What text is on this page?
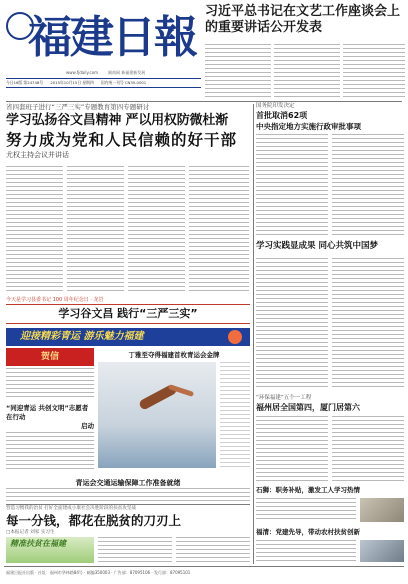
福建日報
www.fjdaily.com	闽南网 新福建新发展
今日16版 第24748号 2015年10月15日 星期四 国内统一刊号 CN35-0001
习近平总书记在文艺工作座谈会上的重要讲话公开发表
省四套班子进行“三严三实”专题教育第四专题研讨
学习弘扬谷文昌精神 严以用权防微杜渐
努力成为党和人民信赖的好干部
尤权主持会议并讲话
国务院印发决定
首批取消62项
中央指定地方实施行政审批事项
学习实践显成果 同心共筑中国梦
“环保福建”五个一工程
福州居全国第四，厦门居第六
石狮：职务补贴，激发工人学习热情
福清：党建先导，带动农村扶贫创新
今天是学习县委书记 100 周年纪念日 · 龙岩
学习谷文昌 践行“三严三实”
迎接精彩青运 游乐魅力福建
贺信	丁雅至夺得福建首枚青运会金牌
“同迎青运 共创文明”志愿者在行动
启动
青运会交通运输保障工作准备就绪
营造习惯我的治贫 打好全面建成小康社会决胜阶段的扶贫攻坚战
每一分钱，都花在脱贫的刀刃上
□本报记者 刘家 实习生
精准扶贫在福建
福建日报社出版 · 社址：福州市华林路84号 · 邮编350003 · 广告部：87095106 · 发行部：87095101
